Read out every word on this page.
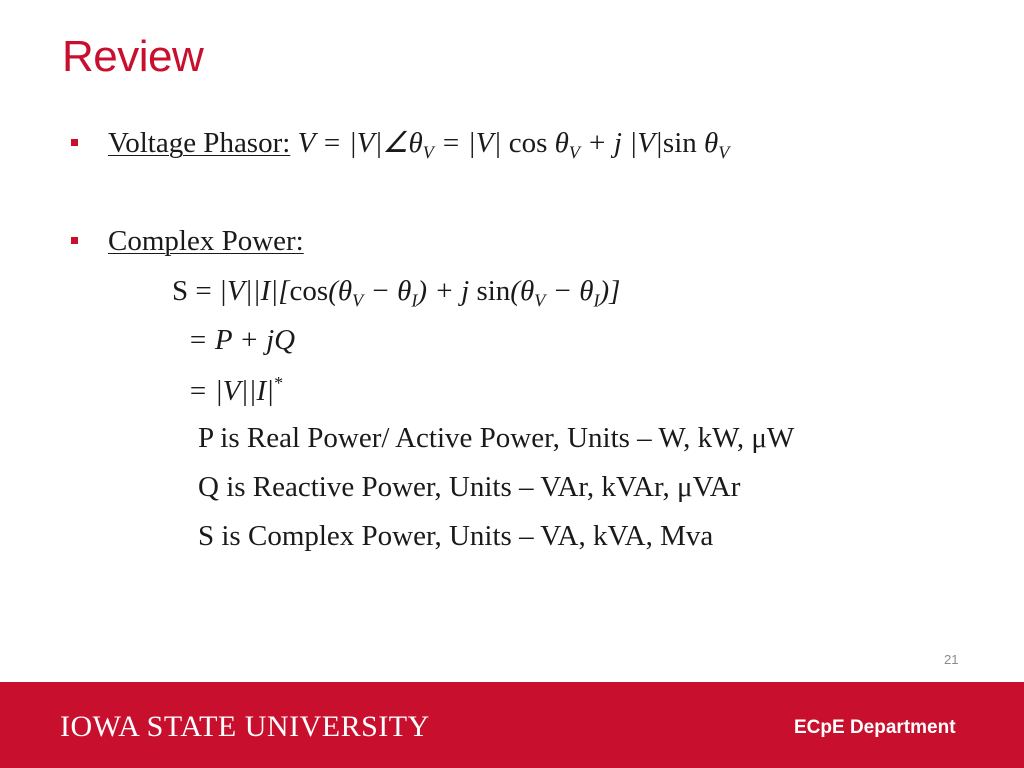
Review
Voltage Phasor: $V = |V|\angle\theta_V = |V|$ $\cos \theta_V + j$ |V|sin $\theta_V$
Complex Power:
$S = |V||I|[\cos(\theta_V - \theta_I) + j$ $\sin(\theta_V - \theta_I)$]
= P + jQ
= |V||I|*
P is Real Power/ Active Power, Units – W, kW, μW
Q is Reactive Power, Units – VAr, kVAr, μVAr
S is Complex Power, Units – VA, kVA, Mva
21
IOWA STATE UNIVERSITY	ECpE Department
